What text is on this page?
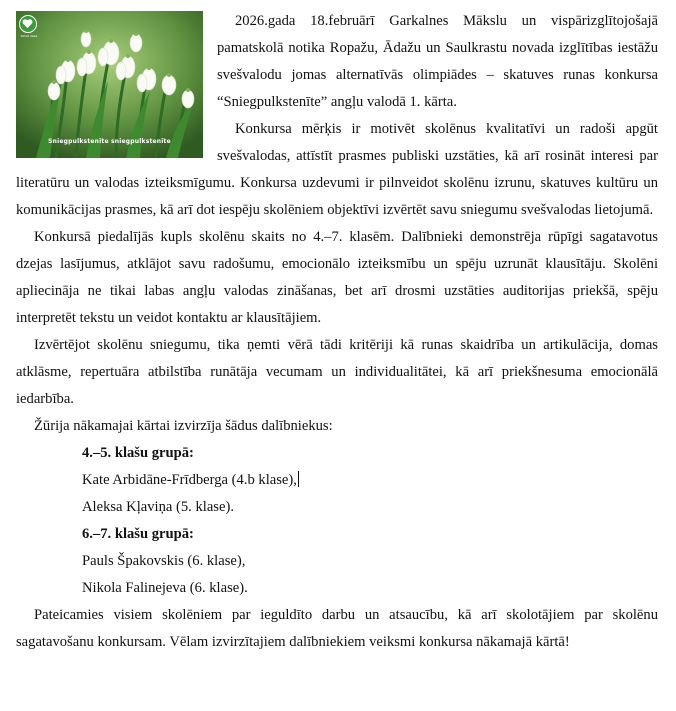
Dzīvā daba
Sniegpulkstenīte sniegpulkstenīte

2026.gada 18.februārī Garkalnes Mākslu un vispārizglītojošajā pamatskolā notika Ropažu, Ādažu un Saulkrastu novada izglītības iestāžu svešvalodu jomas alternatīvās olimpiādes – skatuves runas konkursa “Sniegpulkstenīte” angļu valodā 1. kārta.

Konkursa mērķis ir motivēt skolēnus kvalitatīvi un radoši apgūt svešvalodas, attīstīt prasmes publiski uzstāties, kā arī rosināt interesi par literatūru un valodas izteiksmīgumu. Konkursa uzdevumi ir pilnveidot skolēnu izrunu, skatuves kultūru un komunikācijas prasmes, kā arī dot iespēju skolēniem objektīvi izvērtēt savu sniegumu svešvalodas lietojumā.

Konkursā piedalījās kupls skolēnu skaits no 4.–7. klasēm. Dalībnieki demonstrēja rūpīgi sagatavotus dzejas lasījumus, atklājot savu radošumu, emocionālo izteiksmību un spēju uzrunāt klausītāju. Skolēni apliecināja ne tikai labas angļu valodas zināšanas, bet arī drosmi uzstāties auditorijas priekšā, spēju interpretēt tekstu un veidot kontaktu ar klausītājiem.

Izvērtējot skolēnu sniegumu, tika ņemti vērā tādi kritēriji kā runas skaidrība un artikulācija, domas atklāsme, repertuāra atbilstība runātāja vecumam un individualitātei, kā arī priekšnesuma emocionālā iedarbība.

Žūrija nākamajai kārtai izvirzīja šādus dalībniekus:

4.–5. klašu grupā:
Kate Arbidāne-Frīdberga (4.b klase),
Aleksa Kļaviņa (5. klase).
6.–7. klašu grupā:
Pauls Špakovskis (6. klase),
Nikola Falinejeva (6. klase).

Pateicamies visiem skolēniem par ieguldīto darbu un atsaucību, kā arī skolotājiem par skolēnu sagatavošanu konkursam. Vēlam izvirzītajiem dalībniekiem veiksmi konkursa nākamajā kārtā!
